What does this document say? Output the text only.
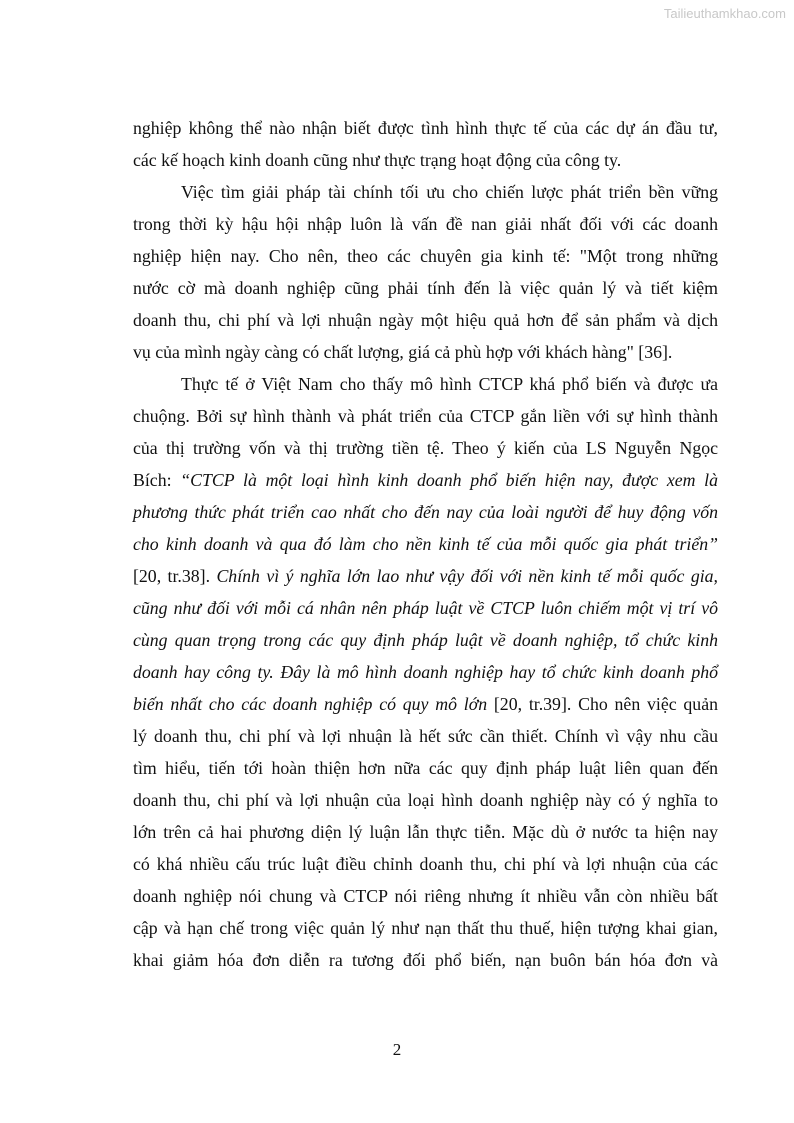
Tailieuthamkhao.com
nghiệp không thể nào nhận biết được tình hình thực tế của các dự án đầu tư,
các kế hoạch kinh doanh cũng như thực trạng hoạt động của công ty.
Việc tìm giải pháp tài chính tối ưu cho chiến lược phát triển bền vững
trong thời kỳ hậu hội nhập luôn là vấn đề nan giải nhất đối với các doanh
nghiệp hiện nay. Cho nên, theo các chuyên gia kinh tế: "Một trong những
nước cờ mà doanh nghiệp cũng phải tính đến là việc quản lý và tiết kiệm
doanh thu, chi phí và lợi nhuận ngày một hiệu quả hơn để sản phẩm và dịch
vụ của mình ngày càng có chất lượng, giá cả phù hợp với khách hàng" [36].
Thực tế ở Việt Nam cho thấy mô hình CTCP khá phổ biến và được ưa
chuộng. Bởi sự hình thành và phát triển của CTCP gắn liền với sự hình thành
của thị trường vốn và thị trường tiền tệ. Theo ý kiến của LS Nguyễn Ngọc
Bích: “CTCP là một loại hình kinh doanh phổ biến hiện nay, được xem là
phương thức phát triển cao nhất cho đến nay của loài người để huy động vốn
cho kinh doanh và qua đó làm cho nền kinh tế của mỗi quốc gia phát triển”
[20, tr.38]. Chính vì ý nghĩa lớn lao như vậy đối với nền kinh tế mỗi quốc gia,
cũng như đối với mỗi cá nhân nên pháp luật về CTCP luôn chiếm một vị trí vô
cùng quan trọng trong các quy định pháp luật về doanh nghiệp, tổ chức kinh
doanh hay công ty. Đây là mô hình doanh nghiệp hay tổ chức kinh doanh phổ
biến nhất cho các doanh nghiệp có quy mô lớn [20, tr.39]. Cho nên việc quản
lý doanh thu, chi phí và lợi nhuận là hết sức cần thiết. Chính vì vậy nhu cầu
tìm hiểu, tiến tới hoàn thiện hơn nữa các quy định pháp luật liên quan đến
doanh thu, chi phí và lợi nhuận của loại hình doanh nghiệp này có ý nghĩa to
lớn trên cả hai phương diện lý luận lẫn thực tiễn. Mặc dù ở nước ta hiện nay
có khá nhiều cấu trúc luật điều chỉnh doanh thu, chi phí và lợi nhuận của các
doanh nghiệp nói chung và CTCP nói riêng nhưng ít nhiều vẫn còn nhiều bất
cập và hạn chế trong việc quản lý như nạn thất thu thuế, hiện tượng khai gian,
khai giảm hóa đơn diễn ra tương đối phổ biến, nạn buôn bán hóa đơn và
2
